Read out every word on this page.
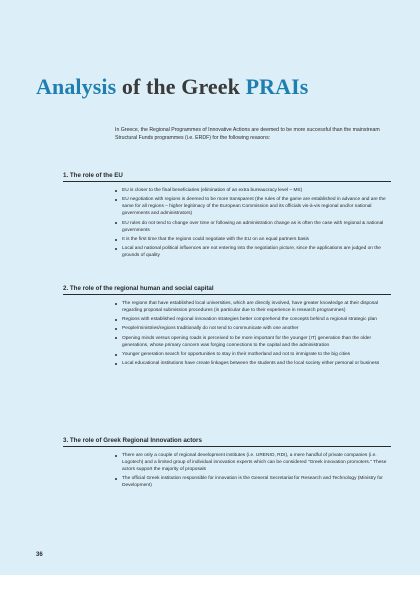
Analysis of the Greek PRAIs

In Greece, the Regional Programmes of Innovative Actions are deemed to be more successful than the mainstream Structural Funds programmes (i.e. ERDF) for the following reasons:

1. The role of the EU
EU is closer to the final beneficiaries (elimination of an extra bureaucracy level – MS)
EU negotiation with regions is deemed to be more transparent (the rules of the game are established in advance and are the same for all regions – higher legitimacy of the European Commission and its officials vis-à-vis regional and/or national governments and administrators)
EU rules do not tend to change over time or following an administration change as is often the case with regional & national governments
It is the first time that the regions could negotiate with the EU on an equal partners basis
Local and national political influences are not entering into the negotiation picture, since the applications are judged on the grounds of quality
2. The role of the regional human and social capital
The regions that have established local universities, which are directly involved, have greater knowledge at their disposal regarding proposal submission procedures (in particular due to their experience in research programmes)
Regions with established regional innovation strategies better comprehend the concepts behind a regional strategic plan
People/ministries/regions traditionally do not tend to communicate with one another
Opening minds versus opening roads is perceived to be more important for the younger (IT) generation than the older generations, whose primary concern was forging connections to the capital and the administration
Younger generation search for opportunities to stay in their motherland and not to immigrate to the big cities
Local educational institutions have create linkages between the students and the local society either personal or business
3. The role of Greek Regional Innovation actors
There are only a couple of regional development institutes (i.e. URENIO, RDI), a mere handful of private companies (i.e. Logotech) and a limited group of individual innovation experts which can be considered "Greek innovation promoters." These actors support the majority of proposals
The official Greek institution responsible for innovation is the General Secretariat for Research and Technology (Ministry for Development)
36
